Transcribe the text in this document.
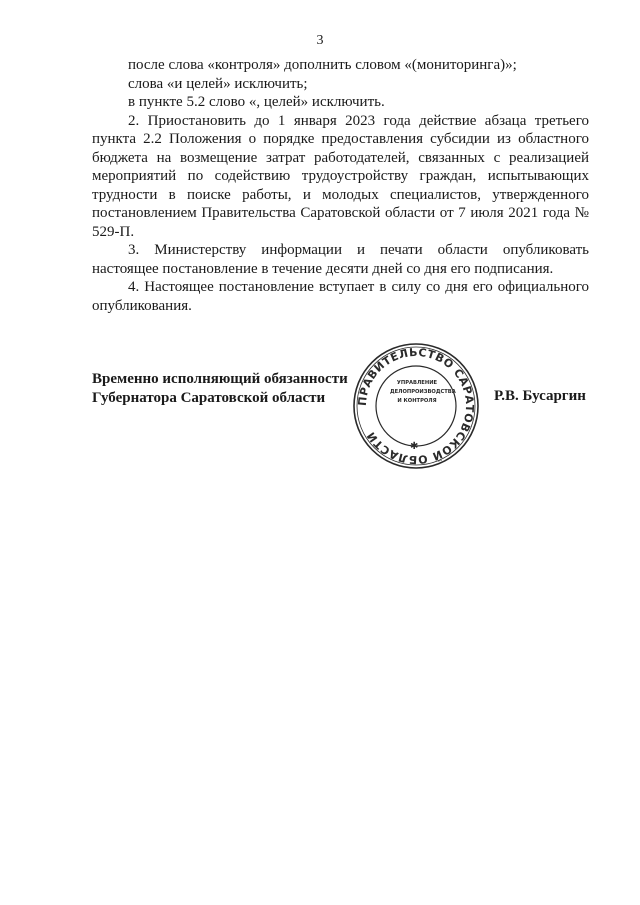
3

после слова «контроля» дополнить словом «(мониторинга)»;

слова «и целей» исключить;

в пункте 5.2 слово «, целей» исключить.

2. Приостановить до 1 января 2023 года действие абзаца третьего пункта 2.2 Положения о порядке предоставления субсидии из областного бюджета на возмещение затрат работодателей, связанных с реализацией мероприятий по содействию трудоустройству граждан, испытывающих трудности в поиске работы, и молодых специалистов, утвержденного постановлением Правительства Саратовской области от 7 июля 2021 года № 529-П.

3. Министерству информации и печати области опубликовать настоящее постановление в течение десяти дней со дня его подписания.

4. Настоящее постановление вступает в силу со дня его официального опубликования.

Временно исполняющий обязанности
Губернатора Саратовской области	ПРАВИТЕЛЬСТВО САРАТОВСКОЙ ОБЛАСТИ
УПРАВЛЕНИЕ
ДЕЛОПРОИЗВОДСТВА
И КОНТРОЛЯ
✱
Р.В. Бусаргин
